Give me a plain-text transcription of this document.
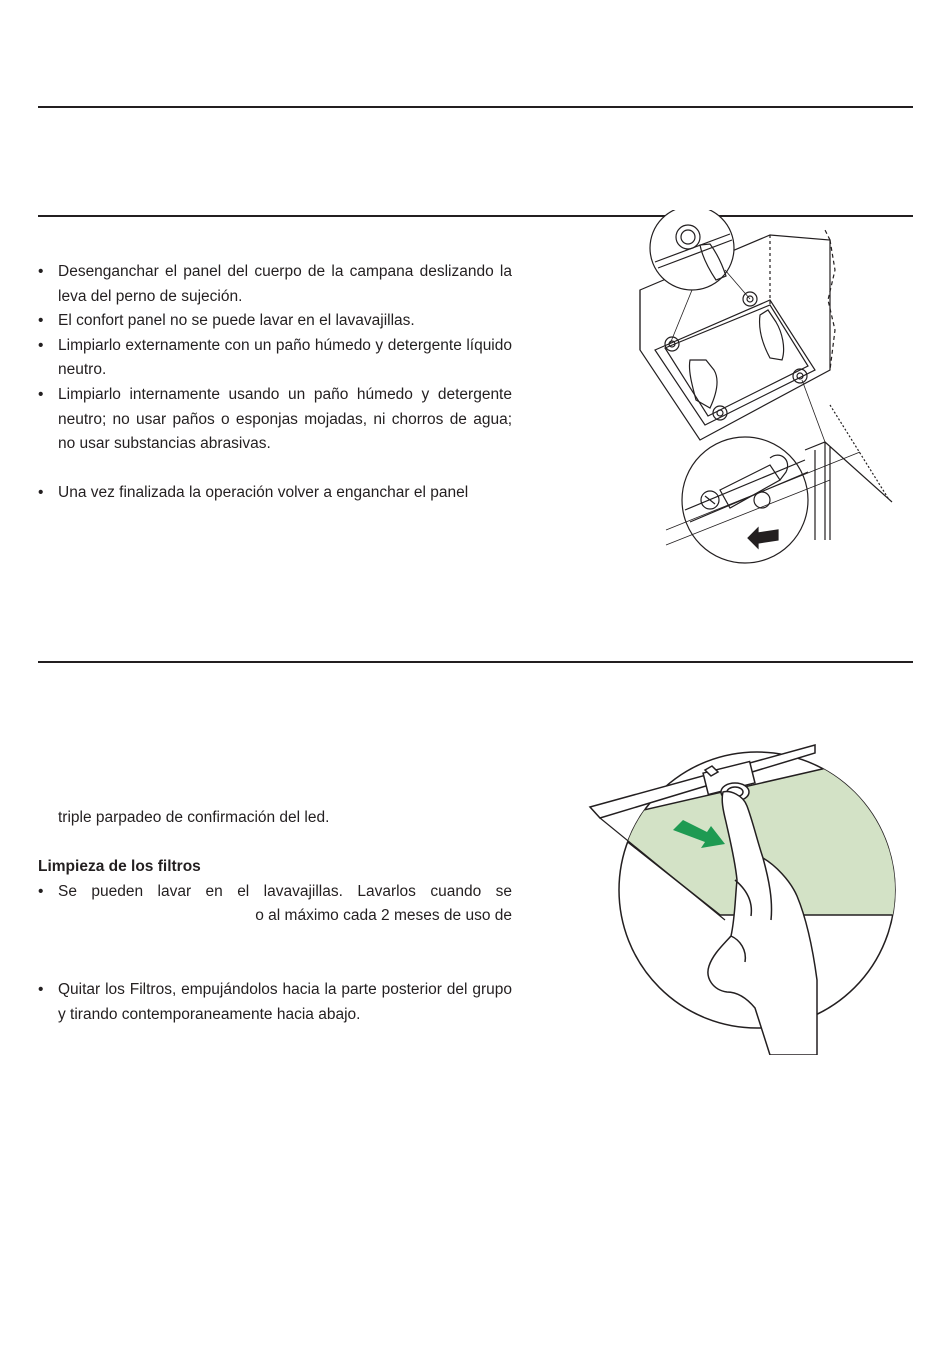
• Desenganchar el panel del cuerpo de la campana deslizando la leva del perno de sujeción.
• El confort panel no se puede lavar en el lavavajillas.
• Limpiarlo externamente con un paño húmedo y detergente líquido neutro.
• Limpiarlo internamente usando un paño húmedo y detergente neutro; no usar paños o esponjas mojadas, ni chorros de agua; no usar substancias abrasivas.
• Una vez finalizada la operación volver a enganchar el panel
triple parpadeo de confirmación del led.
Limpieza de los filtros
• Se pueden lavar en el lavavajillas. Lavarlos cuando se
o al máximo cada 2 meses de uso de
• Quitar los Filtros, empujándolos hacia la parte posterior del grupo y tirando contemporaneamente hacia abajo.
